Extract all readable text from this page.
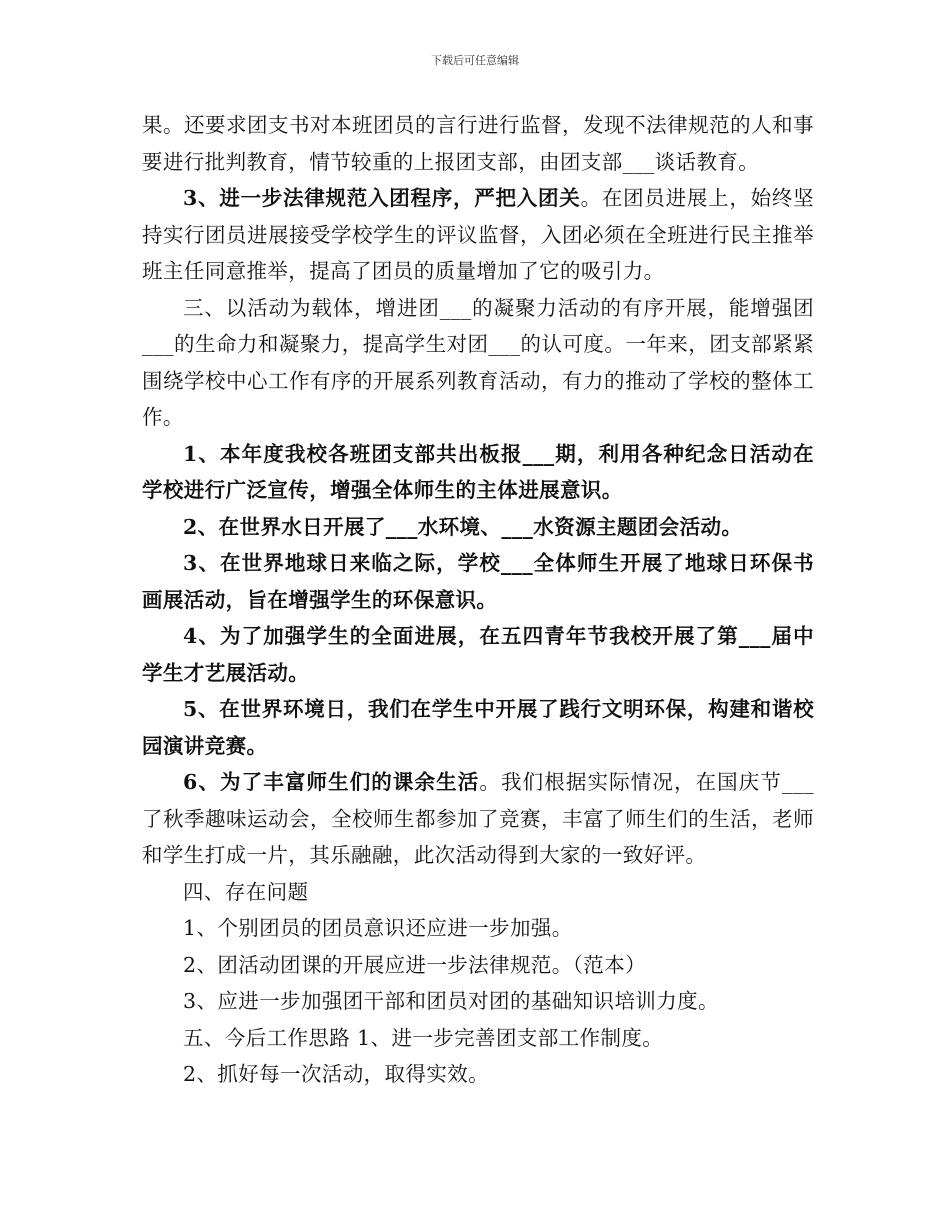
下载后可任意编辑

果。还要求团支书对本班团员的言行进行监督，发现不法律规范的人和事要进行批判教育，情节较重的上报团支部，由团支部___谈话教育。

3、进一步法律规范入团程序，严把入团关。在团员进展上，始终坚持实行团员进展接受学校学生的评议监督，入团必须在全班进行民主推举班主任同意推举，提高了团员的质量增加了它的吸引力。

三、以活动为载体，增进团___的凝聚力活动的有序开展，能增强团___的生命力和凝聚力，提高学生对团___的认可度。一年来，团支部紧紧围绕学校中心工作有序的开展系列教育活动，有力的推动了学校的整体工作。

1、本年度我校各班团支部共出板报___期，利用各种纪念日活动在学校进行广泛宣传，增强全体师生的主体进展意识。

2、在世界水日开展了___水环境、___水资源主题团会活动。

3、在世界地球日来临之际，学校___全体师生开展了地球日环保书画展活动，旨在增强学生的环保意识。

4、为了加强学生的全面进展，在五四青年节我校开展了第___届中学生才艺展活动。

5、在世界环境日，我们在学生中开展了践行文明环保，构建和谐校园演讲竞赛。

6、为了丰富师生们的课余生活。我们根据实际情况，在国庆节___了秋季趣味运动会，全校师生都参加了竞赛，丰富了师生们的生活，老师和学生打成一片，其乐融融，此次活动得到大家的一致好评。

四、存在问题

1、个别团员的团员意识还应进一步加强。

2、团活动团课的开展应进一步法律规范。（范本）

3、应进一步加强团干部和团员对团的基础知识培训力度。

五、今后工作思路 1、进一步完善团支部工作制度。

2、抓好每一次活动，取得实效。
